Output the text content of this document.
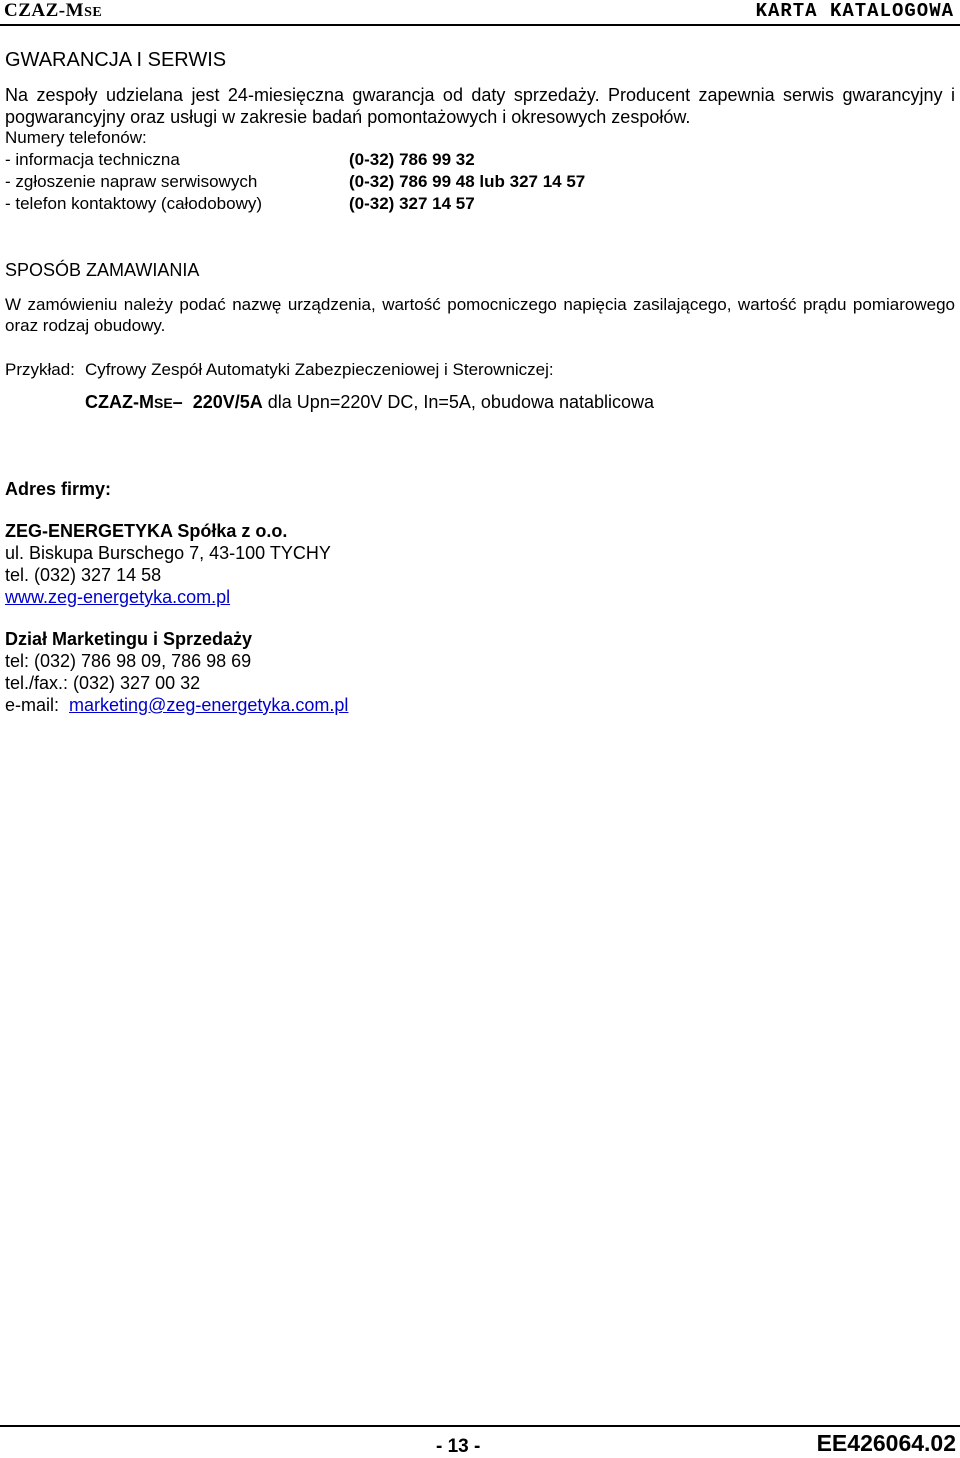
CZAZ-MSE	KARTA KATALOGOWA
GWARANCJA I SERWIS
Na zespoły udzielana jest 24-miesięczna gwarancja od daty sprzedaży. Producent zapewnia serwis gwarancyjny i pogwarancyjny oraz usługi w zakresie badań pomontażowych i okresowych zespołów.
Numery telefonów:
- informacja techniczna	(0-32) 786 99 32
- zgłoszenie napraw serwisowych	(0-32) 786 99 48 lub 327 14 57
- telefon kontaktowy (całodobowy)	(0-32) 327 14 57
SPOSÓB ZAMAWIANIA
W zamówieniu należy podać nazwę urządzenia, wartość pomocniczego napięcia zasilającego, wartość prądu pomiarowego oraz rodzaj obudowy.
Przykład: Cyfrowy Zespół Automatyki Zabezpieczeniowej i Sterowniczej:
CZAZ-MSE– 220V/5A dla Upn=220V DC, In=5A, obudowa natablicowa
Adres firmy:
ZEG-ENERGETYKA Spółka z o.o.
ul. Biskupa Burschego 7, 43-100 TYCHY
tel. (032) 327 14 58
www.zeg-energetyka.com.pl
Dział Marketingu i Sprzedaży
tel: (032) 786 98 09, 786 98 69
tel./fax.: (032) 327 00 32
e-mail: marketing@zeg-energetyka.com.pl
- 13 -	EE426064.02
